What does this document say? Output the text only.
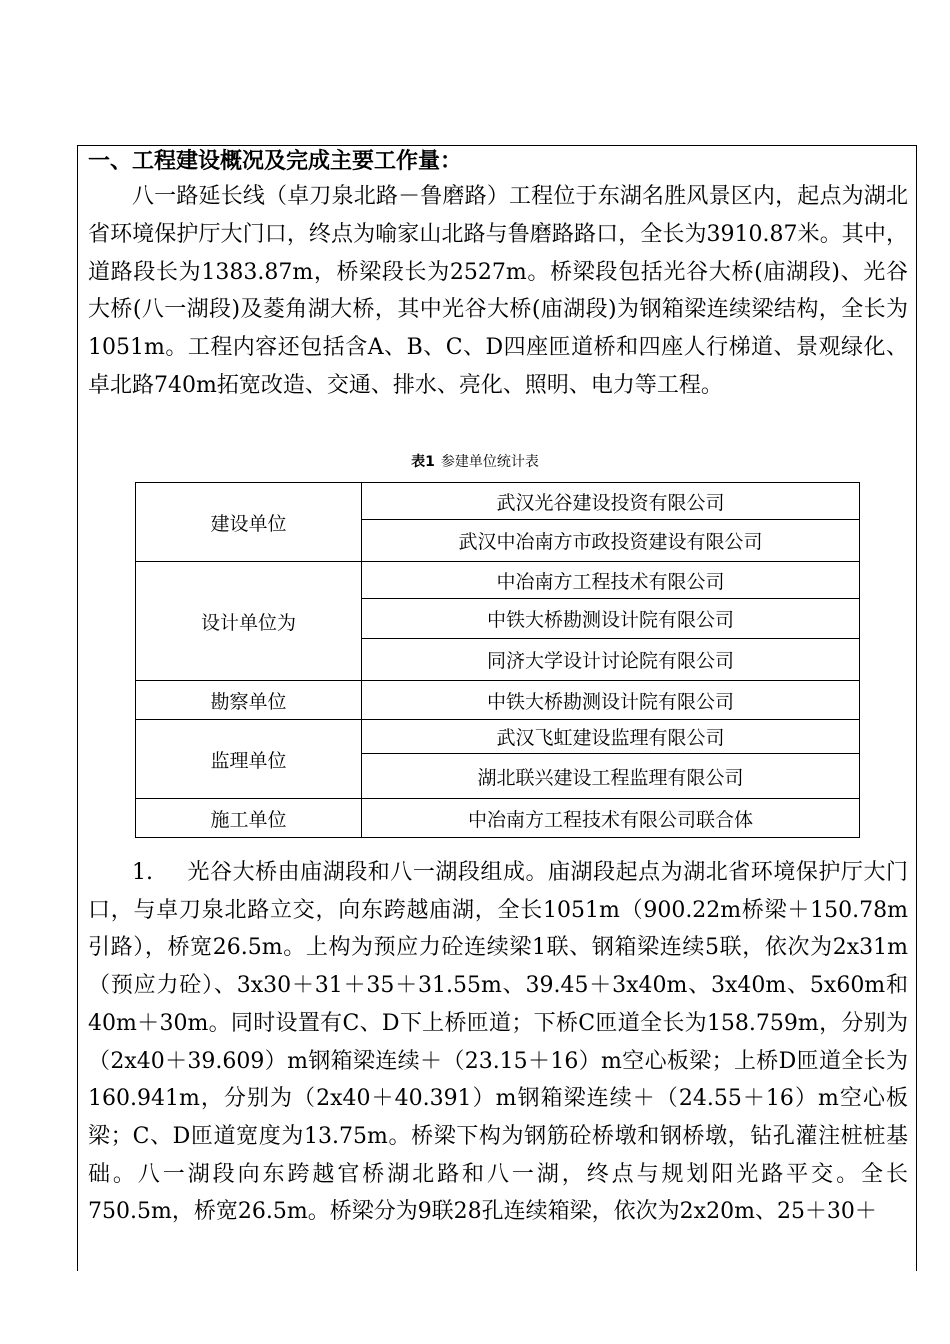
一、工程建设概况及完成主要工作量：

八一路延长线（卓刀泉北路－鲁磨路）工程位于东湖名胜风景区内，起点为湖北省环境保护厅大门口，终点为喻家山北路与鲁磨路路口，全长为3910.87米。其中，道路段长为1383.87m，桥梁段长为2527m。桥梁段包括光谷大桥(庙湖段)、光谷大桥(八一湖段)及菱角湖大桥，其中光谷大桥(庙湖段)为钢箱梁连续梁结构，全长为1051m。工程内容还包括含A、B、C、D四座匝道桥和四座人行梯道、景观绿化、卓北路740m拓宽改造、交通、排水、亮化、照明、电力等工程。

表1 参建单位统计表
建设单位	武汉光谷建设投资有限公司
	武汉中冶南方市政投资建设有限公司
设计单位为	中冶南方工程技术有限公司
	中铁大桥勘测设计院有限公司
	同济大学设计讨论院有限公司
勘察单位	中铁大桥勘测设计院有限公司
监理单位	武汉飞虹建设监理有限公司
	湖北联兴建设工程监理有限公司
施工单位	中冶南方工程技术有限公司联合体

1. 光谷大桥由庙湖段和八一湖段组成。庙湖段起点为湖北省环境保护厅大门口，与卓刀泉北路立交，向东跨越庙湖，全长1051m（900.22m桥梁＋150.78m引路），桥宽26.5m。上构为预应力砼连续梁1联、钢箱梁连续5联，依次为2x31m（预应力砼）、3x30＋31＋35＋31.55m、39.45＋3x40m、3x40m、5x60m和40m＋30m。同时设置有C、D下上桥匝道；下桥C匝道全长为158.759m，分别为（2x40＋39.609）m钢箱梁连续＋（23.15＋16）m空心板梁；上桥D匝道全长为160.941m，分别为（2x40＋40.391）m钢箱梁连续＋（24.55＋16）m空心板梁；C、D匝道宽度为13.75m。桥梁下构为钢筋砼桥墩和钢桥墩，钻孔灌注桩桩基础。八一湖段向东跨越官桥湖北路和八一湖，终点与规划阳光路平交。全长750.5m，桥宽26.5m。桥梁分为9联28孔连续箱梁，依次为2x20m、25＋30＋
